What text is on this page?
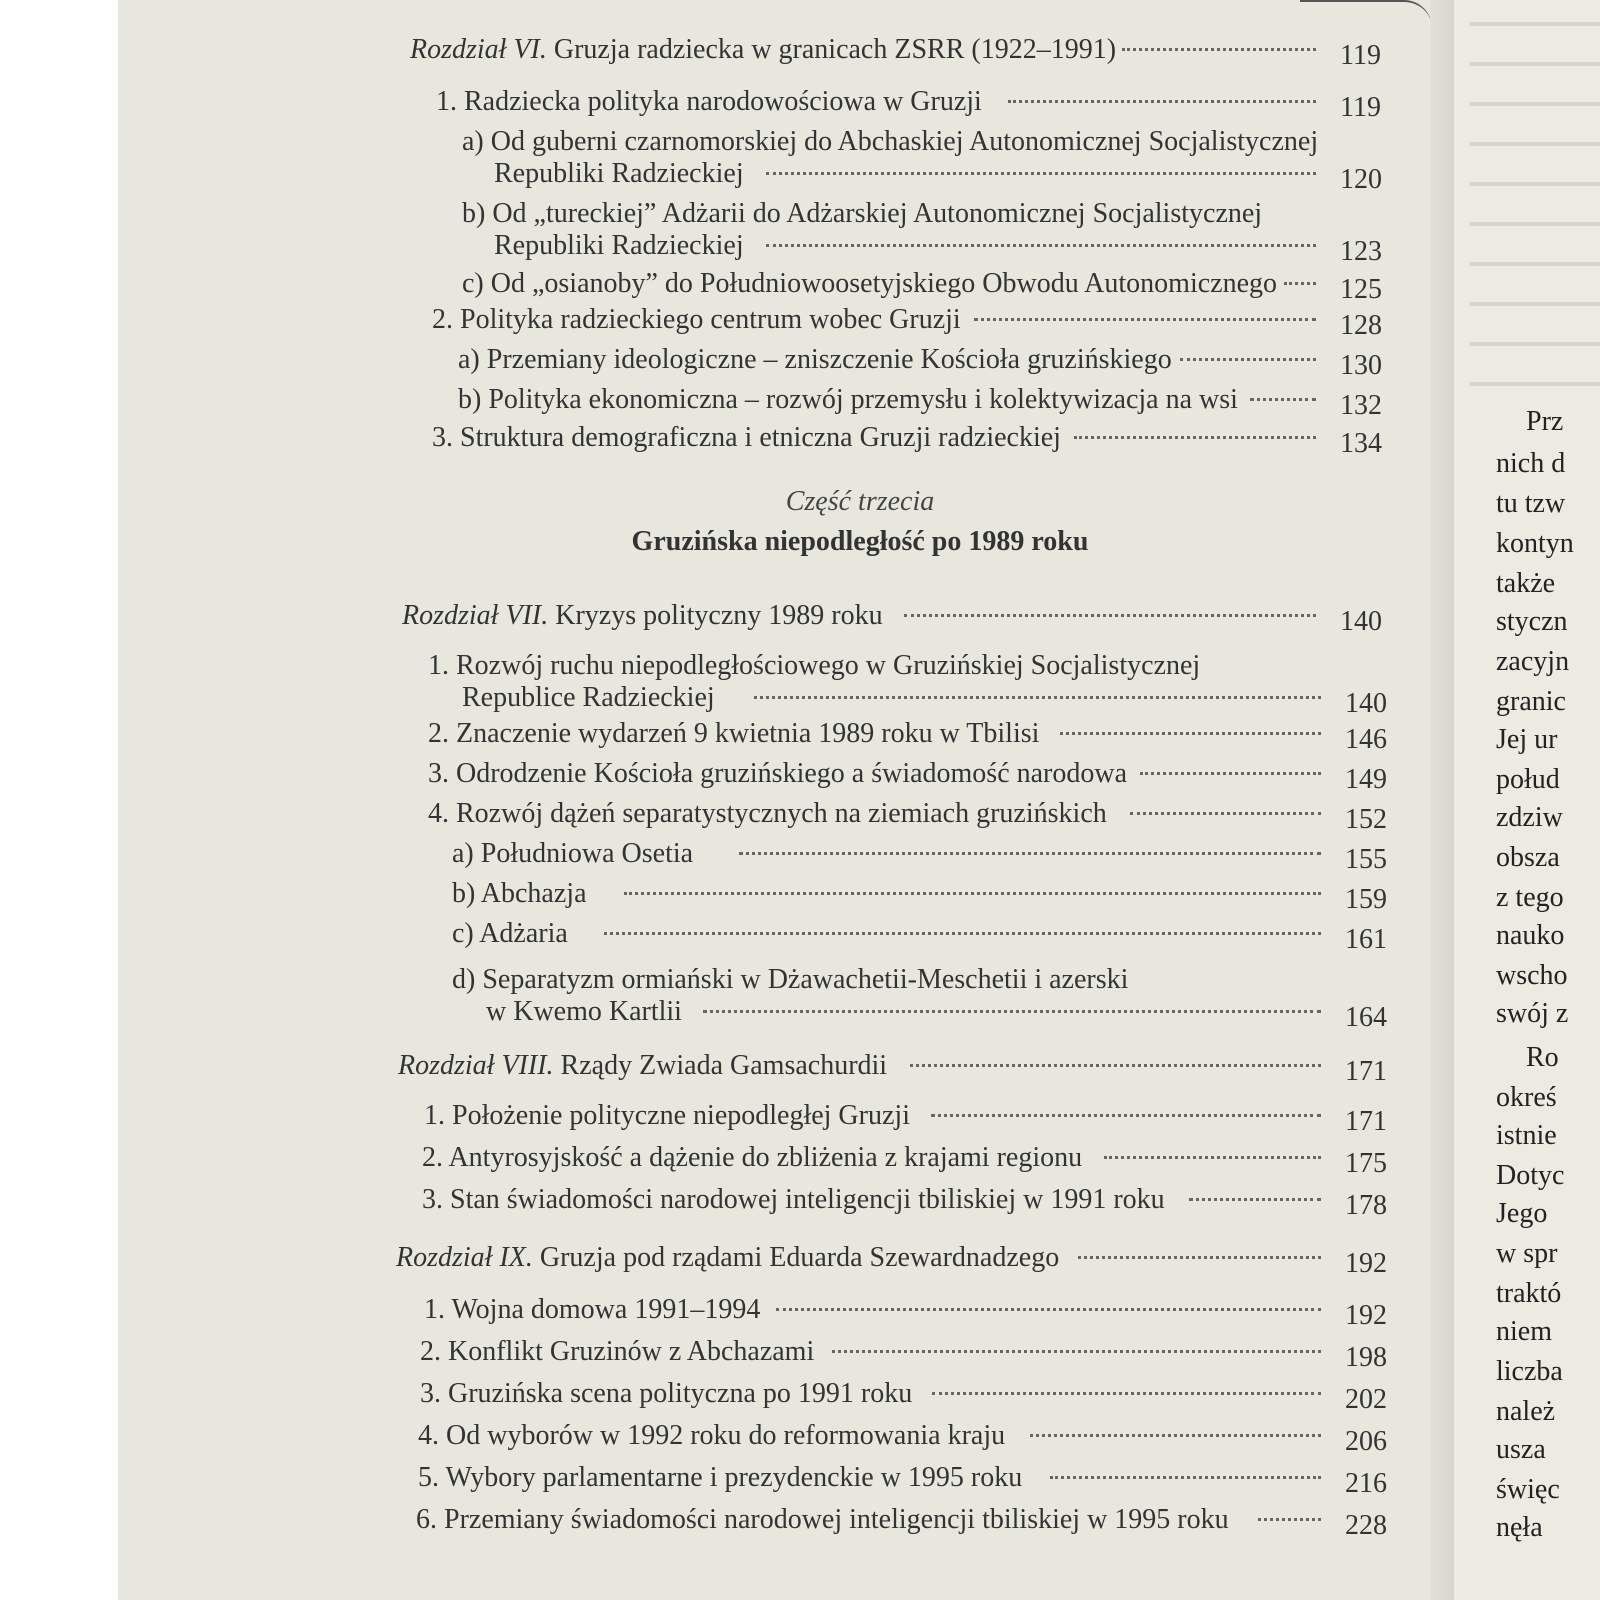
Rozdział VI. Gruzja radziecka w granicach ZSRR (1922–1991)	119
1. Radziecka polityka narodowościowa w Gruzji	119
a) Od guberni czarnomorskiej do Abchaskiej Autonomicznej Socjalistycznej
Republiki Radzieckiej	120
b) Od „tureckiej” Adżarii do Adżarskiej Autonomicznej Socjalistycznej
Republiki Radzieckiej	123
c) Od „osianoby” do Południowoosetyjskiego Obwodu Autonomicznego 125
2. Polityka radzieckiego centrum wobec Gruzji	128
a) Przemiany ideologiczne – zniszczenie Kościoła gruzińskiego	130
b) Polityka ekonomiczna – rozwój przemysłu i kolektywizacja na wsi	132
3. Struktura demograficzna i etniczna Gruzji radzieckiej	134
Rozdział VII. Kryzys polityczny 1989 roku	140
1. Rozwój ruchu niepodległościowego w Gruzińskiej Socjalistycznej
Republice Radzieckiej	140
2. Znaczenie wydarzeń 9 kwietnia 1989 roku w Tbilisi	146
3. Odrodzenie Kościoła gruzińskiego a świadomość narodowa	149
4. Rozwój dążeń separatystycznych na ziemiach gruzińskich	152
a) Południowa Osetia	155
b) Abchazja	159
c) Adżaria	161
d) Separatyzm ormiański w Dżawachetii-Meschetii i azerski
w Kwemo Kartlii	164
Rozdział VIII. Rządy Zwiada Gamsachurdii	171
1. Położenie polityczne niepodległej Gruzji	171
2. Antyrosyjskość a dążenie do zbliżenia z krajami regionu	175
3. Stan świadomości narodowej inteligencji tbiliskiej w 1991 roku	178
Rozdział IX. Gruzja pod rządami Eduarda Szewardnadzego	192
1. Wojna domowa 1991–1994	192
2. Konflikt Gruzinów z Abchazami	198
3. Gruzińska scena polityczna po 1991 roku	202
4. Od wyborów w 1992 roku do reformowania kraju	206
5. Wybory parlamentarne i prezydenckie w 1995 roku	216
6. Przemiany świadomości narodowej inteligencji tbiliskiej w 1995 roku	228
Część trzecia
Gruzińska niepodległość po 1989 roku
Prz
nich d
tu tzw
kontyn
także
styczn
zacyjn
granic
Jej ur
połud
zdziw
obsza
z tego
nauko
wscho
swój z
Ro
okreś
istnie
Dotyc
Jego
w spr
traktó
niem
liczba
należ
usza
święc
nęła
